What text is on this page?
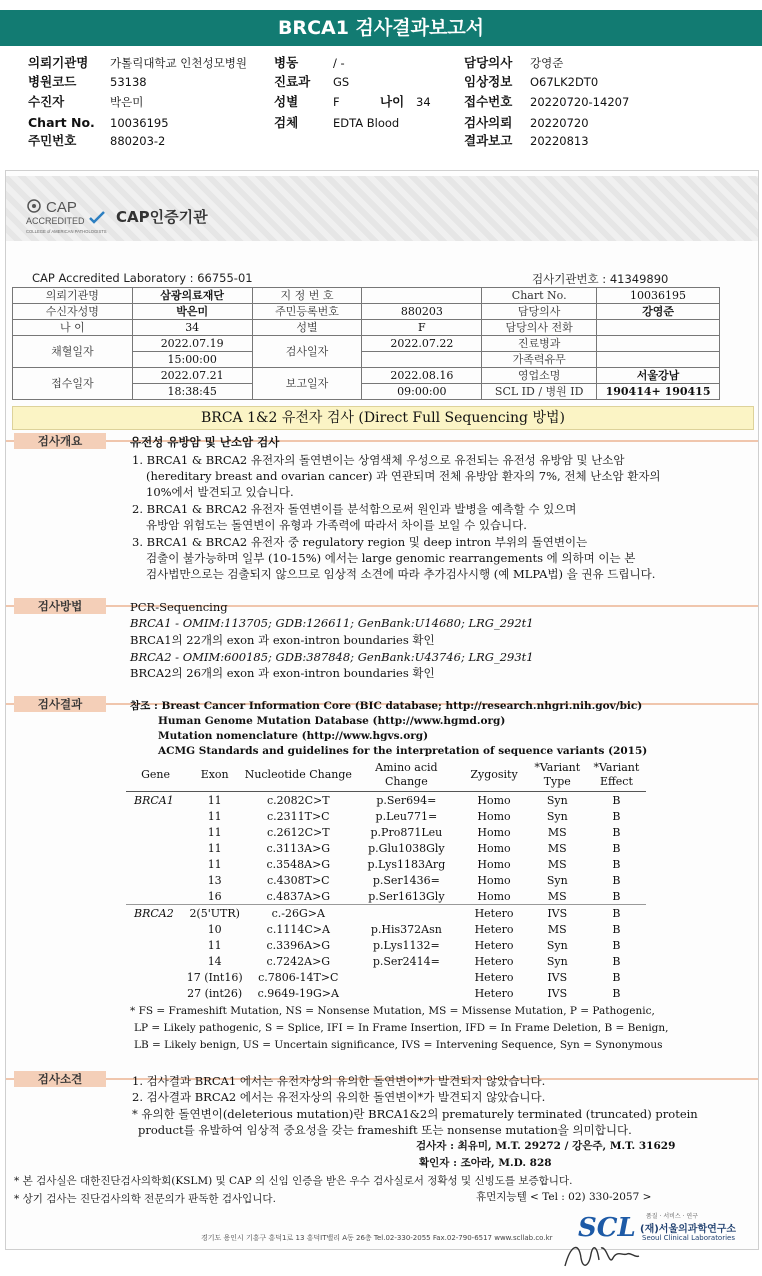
BRCA1 검사결과보고서
의뢰기관명 가톨릭대학교 인천성모병원 병동	/ -	담당의사 강영준
병원코드	53138	진료과 GS	임상정보 O67LK2DT0
수진자	박은미	성별	F	나이 34	접수번호 20220720-14207
Chart No. 10036195	검체	EDTA Blood	검사의뢰 20220720
주민번호	880203-2	결과보고 20220813
CAP
ACCREDITED
COLLEGE of AMERICAN PATHOLOGISTS
CAP인증기관
CAP Accredited Laboratory : 66755-01	검사기관번호 : 41349890
의뢰기관명	삼광의료재단	지 정 번 호		Chart No.	10036195
수신자성명	박은미	주민등록번호	880203	담당의사	강영준
나 이	34	성별	F	담당의사 전화	
채혈일자	2022.07.19	검사일자	2022.07.22	진료병과	
	15:00:00			가족력유무	
접수일자	2022.07.21	보고일자	2022.08.16	영업소명	서울강남
	18:38:45		09:00:00	SCL ID / 병원 ID	190414+ 190415
BRCA 1&2 유전자 검사 (Direct Full Sequencing 방법)
검사개요	유전성 유방암 및 난소암 검사
1. BRCA1 & BRCA2 유전자의 돌연변이는 상염색체 우성으로 유전되는 유전성 유방암 및 난소암
(hereditary breast and ovarian cancer) 과 연관되며 전체 유방암 환자의 7%, 전체 난소암 환자의
10%에서 발견되고 있습니다.
2. BRCA1 & BRCA2 유전자 돌연변이를 분석함으로써 원인과 발병을 예측할 수 있으며
유방암 위험도는 돌연변이 유형과 가족력에 따라서 차이를 보일 수 있습니다.
3. BRCA1 & BRCA2 유전자 중 regulatory region 및 deep intron 부위의 돌연변이는
검출이 불가능하며 일부 (10-15%) 에서는 large genomic rearrangements 에 의하며 이는 본
검사법만으로는 검출되지 않으므로 임상적 소견에 따라 추가검사시행 (예 MLPA법) 을 권유 드립니다.
검사방법	PCR-Sequencing
BRCA1 - OMIM:113705; GDB:126611; GenBank:U14680; LRG_292t1
BRCA1의 22개의 exon 과 exon-intron boundaries 확인
BRCA2 - OMIM:600185; GDB:387848; GenBank:U43746; LRG_293t1
BRCA2의 26개의 exon 과 exon-intron boundaries 확인
검사결과	참조 : Breast Cancer Information Core (BIC database; http://research.nhgri.nih.gov/bic)
Human Genome Mutation Database (http://www.hgmd.org)
Mutation nomenclature (http://www.hgvs.org)
ACMG Standards and guidelines for the interpretation of sequence variants (2015)
Gene	Exon	Nucleotide Change	Amino acid Change	Zygosity	*Variant Type	*Variant Effect
BRCA1	11	c.2082C>T	p.Ser694=	Homo	Syn	B
	11	c.2311T>C	p.Leu771=	Homo	Syn	B
	11	c.2612C>T	p.Pro871Leu	Homo	MS	B
	11	c.3113A>G	p.Glu1038Gly	Homo	MS	B
	11	c.3548A>G	p.Lys1183Arg	Homo	MS	B
	13	c.4308T>C	p.Ser1436=	Homo	Syn	B
	16	c.4837A>G	p.Ser1613Gly	Homo	MS	B
BRCA2	2(5'UTR)	c.-26G>A		Hetero	IVS	B
	10	c.1114C>A	p.His372Asn	Hetero	MS	B
	11	c.3396A>G	p.Lys1132=	Hetero	Syn	B
	14	c.7242A>G	p.Ser2414=	Hetero	Syn	B
	17 (Int16)	c.7806-14T>C		Hetero	IVS	B
	27 (int26)	c.9649-19G>A		Hetero	IVS	B
* FS = Frameshift Mutation, NS = Nonsense Mutation, MS = Missense Mutation, P = Pathogenic,
LP = Likely pathogenic, S = Splice, IFI = In Frame Insertion, IFD = In Frame Deletion, B = Benign,
LB = Likely benign, US = Uncertain significance, IVS = Intervening Sequence, Syn = Synonymous
검사소견	1. 검사결과 BRCA1 에서는 유전자상의 유의한 돌연변이*가 발견되지 않았습니다.
2. 검사결과 BRCA2 에서는 유전자상의 유의한 돌연변이*가 발견되지 않았습니다.
* 유의한 돌연변이(deleterious mutation)란 BRCA1&2의 prematurely terminated (truncated) protein
product를 유발하여 임상적 중요성을 갖는 frameshift 또는 nonsense mutation을 의미합니다.
검사자 : 최유미, M.T. 29272 / 강은주, M.T. 31629
확인자 : 조아라, M.D. 828
* 본 검사실은 대한진단검사의학회(KSLM) 및 CAP 의 신임 인증을 받은 우수 검사실로서 정확성 및 신빙도를 보증합니다.
* 상기 검사는 진단검사의학 전문의가 판독한 검사입니다.	휴먼지능텔 < Tel : 02) 330-2057 >
경기도 용인시 기흥구 흥덕1로 13 흥덕IT밸리 A동 26층 Tel.02-330-2055 Fax.02-790-6517 www.scllab.co.kr SCL 품질 · 서비스 · 연구
(재)서울의과학연구소
Seoul Clinical Laboratories
